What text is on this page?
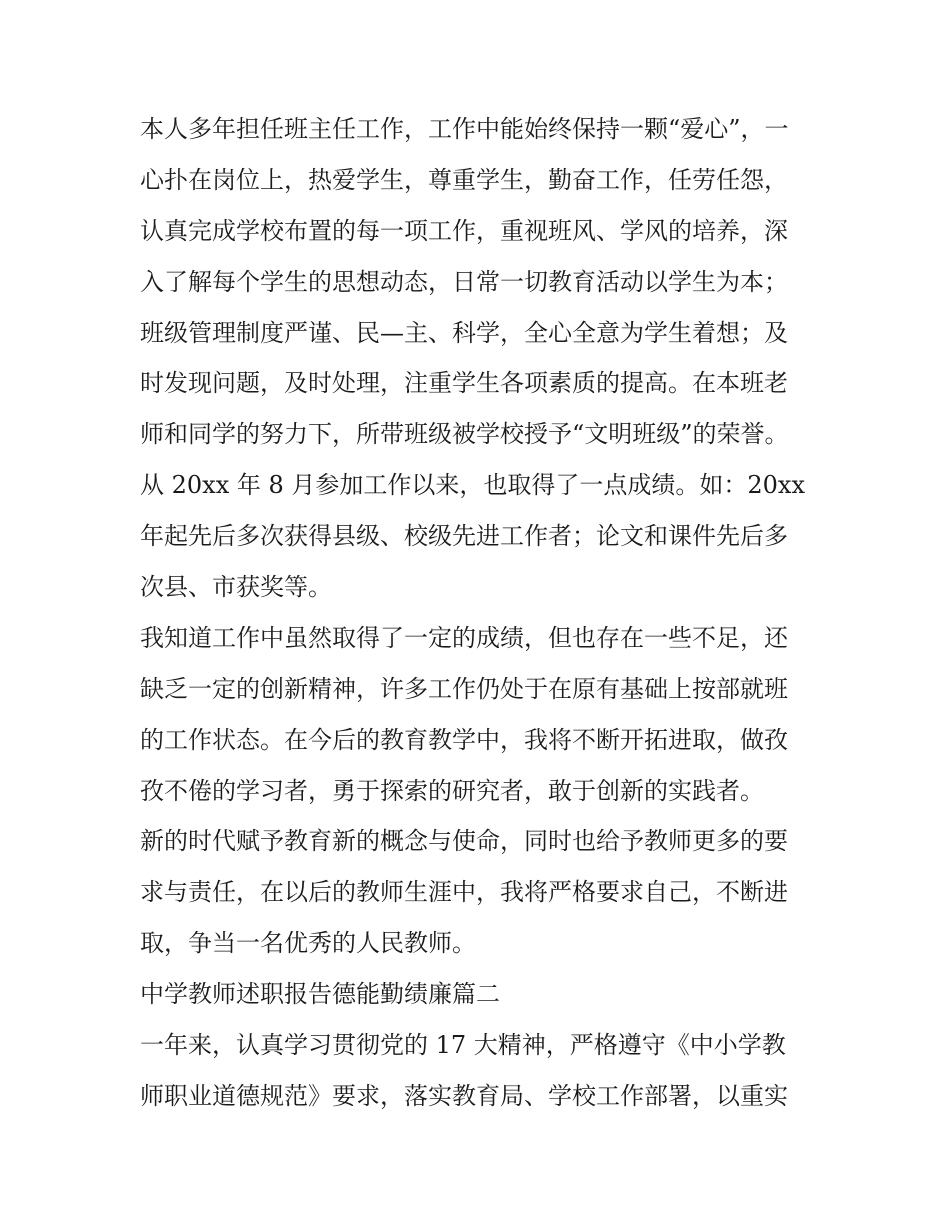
本人多年担任班主任工作，工作中能始终保持一颗“爱心”，一
心扑在岗位上，热爱学生，尊重学生，勤奋工作，任劳任怨，
认真完成学校布置的每一项工作，重视班风、学风的培养，深
入了解每个学生的思想动态，日常一切教育活动以学生为本；
班级管理制度严谨、民—主、科学，全心全意为学生着想；及
时发现问题，及时处理，注重学生各项素质的提高。在本班老
师和同学的努力下，所带班级被学校授予“文明班级”的荣誉。
从 20xx 年 8 月参加工作以来，也取得了一点成绩。如：20xx
年起先后多次获得县级、校级先进工作者；论文和课件先后多
次县、市获奖等。
我知道工作中虽然取得了一定的成绩，但也存在一些不足，还
缺乏一定的创新精神，许多工作仍处于在原有基础上按部就班
的工作状态。在今后的教育教学中，我将不断开拓进取，做孜
孜不倦的学习者，勇于探索的研究者，敢于创新的实践者。
新的时代赋予教育新的概念与使命，同时也给予教师更多的要
求与责任，在以后的教师生涯中，我将严格要求自己，不断进
取，争当一名优秀的人民教师。
中学教师述职报告德能勤绩廉篇二
一年来，认真学习贯彻党的 17 大精神，严格遵守《中小学教
师职业道德规范》要求，落实教育局、学校工作部署，以重实
